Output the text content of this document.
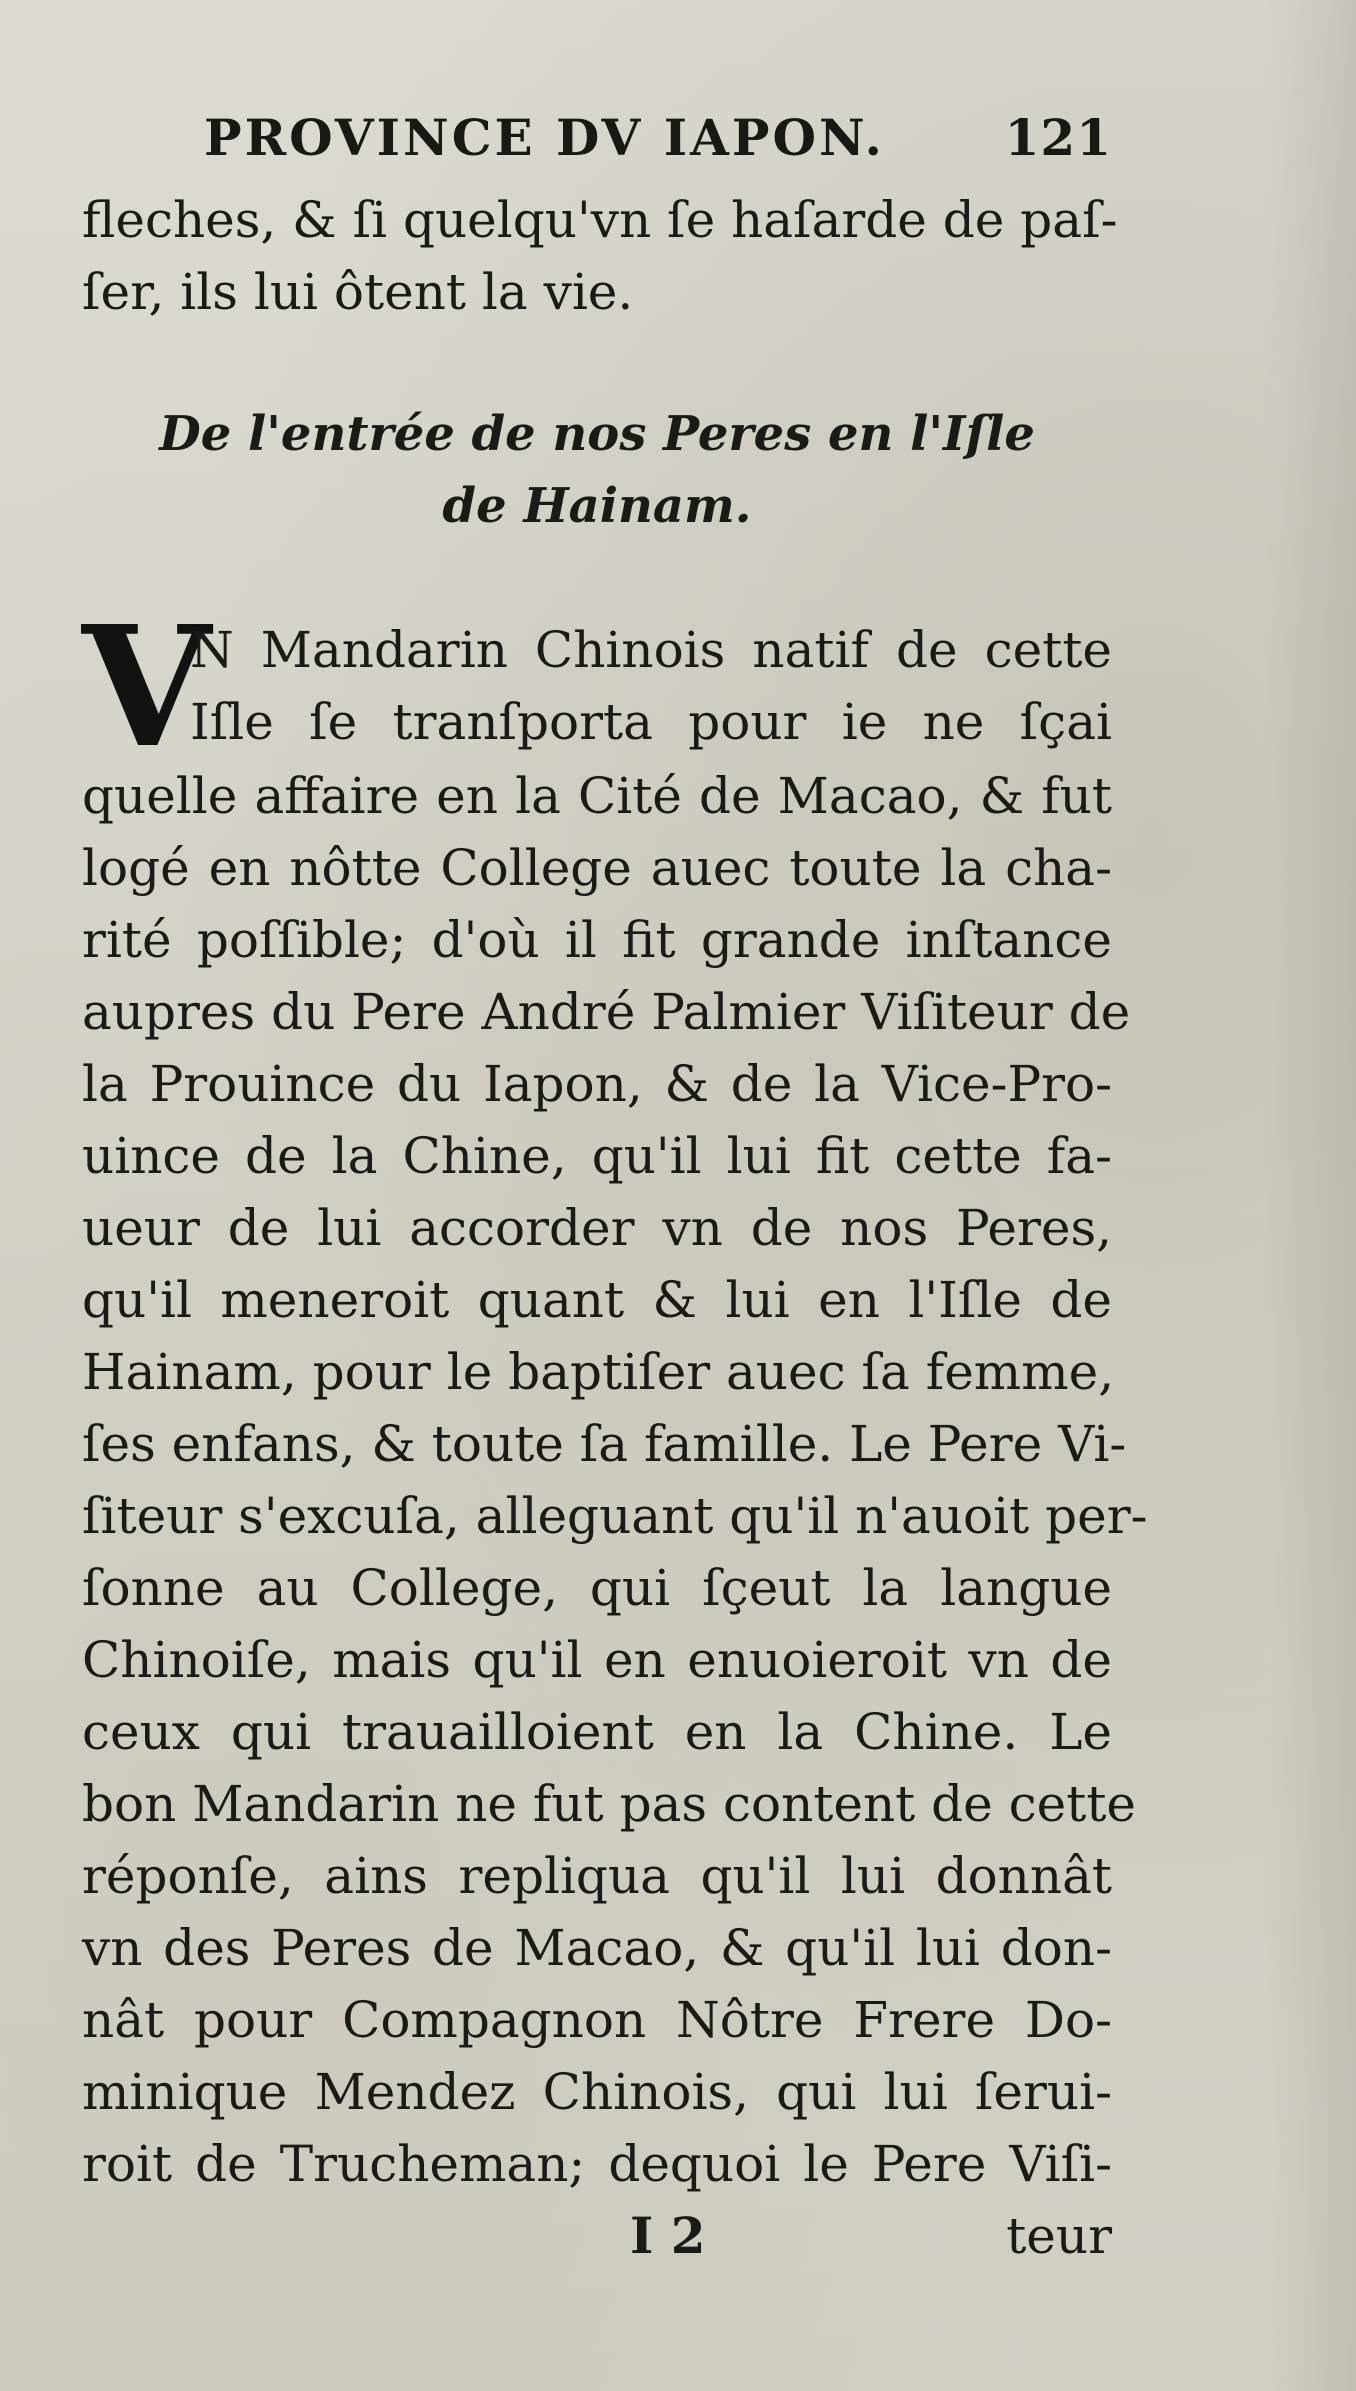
PROVINCE DV IAPON. 121
fleches, & ſi quelqu'vn ſe haſarde de paſ-
ſer, ils lui ôtent la vie.
De l'entrée de nos Peres en l'Iſle
de Hainam.
V
N Mandarin Chinois natif de cette
Iſle ſe tranſporta pour ie ne ſçai
quelle affaire en la Cité de Macao, & fut
logé en nôtte College auec toute la cha-
rité poſſible; d'où il fit grande inſtance
aupres du Pere André Palmier Viſiteur de
la Prouince du Iapon, & de la Vice-Pro-
uince de la Chine, qu'il lui fit cette fa-
ueur de lui accorder vn de nos Peres,
qu'il meneroit quant & lui en l'Iſle de
Hainam, pour le baptiſer auec ſa femme,
ſes enfans, & toute ſa famille. Le Pere Vi-
ſiteur s'excuſa, alleguant qu'il n'auoit per-
ſonne au College, qui ſçeut la langue
Chinoiſe, mais qu'il en enuoieroit vn de
ceux qui trauailloient en la Chine. Le
bon Mandarin ne fut pas content de cette
réponſe, ains repliqua qu'il lui donnât
vn des Peres de Macao, & qu'il lui don-
nât pour Compagnon Nôtre Frere Do-
minique Mendez Chinois, qui lui ſerui-
roit de Trucheman; dequoi le Pere Viſi-
I 2	teur
